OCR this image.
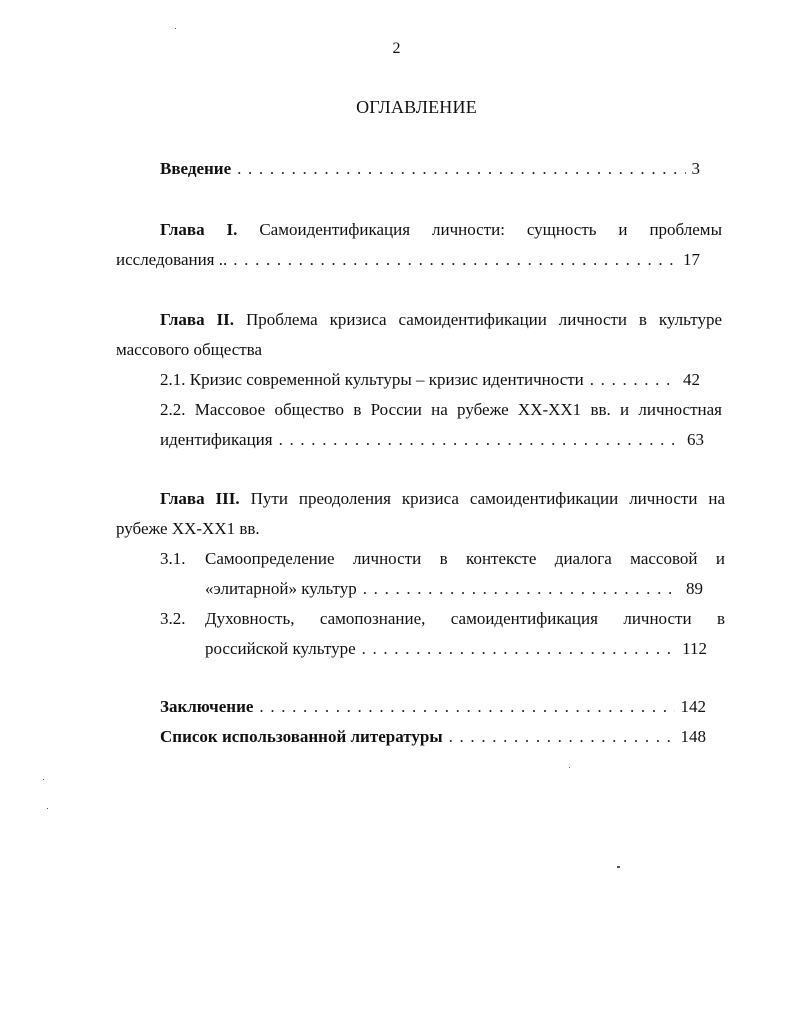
2
ОГЛАВЛЕНИЕ
Введение . . .	3
Глава I. Самоидентификация личности: сущность и проблемы
исследования .. . . .	17
Глава II. Проблема кризиса самоидентификации личности в культуре
массового общества
2.1. Кризис современной культуры – кризис идентичности . . .	42
2.2. Массовое общество в России на рубеже XX-XX1 вв. и личностная
идентификация . . .	63
Глава III. Пути преодоления кризиса самоидентификации личности на
рубеже XX-XX1 вв.
3.1. Самоопределение личности в контексте диалога массовой и
«элитарной» культур . . .	89
3.2. Духовность, самопознание, самоидентификация личности в
российской культуре . . .	112
Заключение . . .	142
Список использованной литературы . . .	148
